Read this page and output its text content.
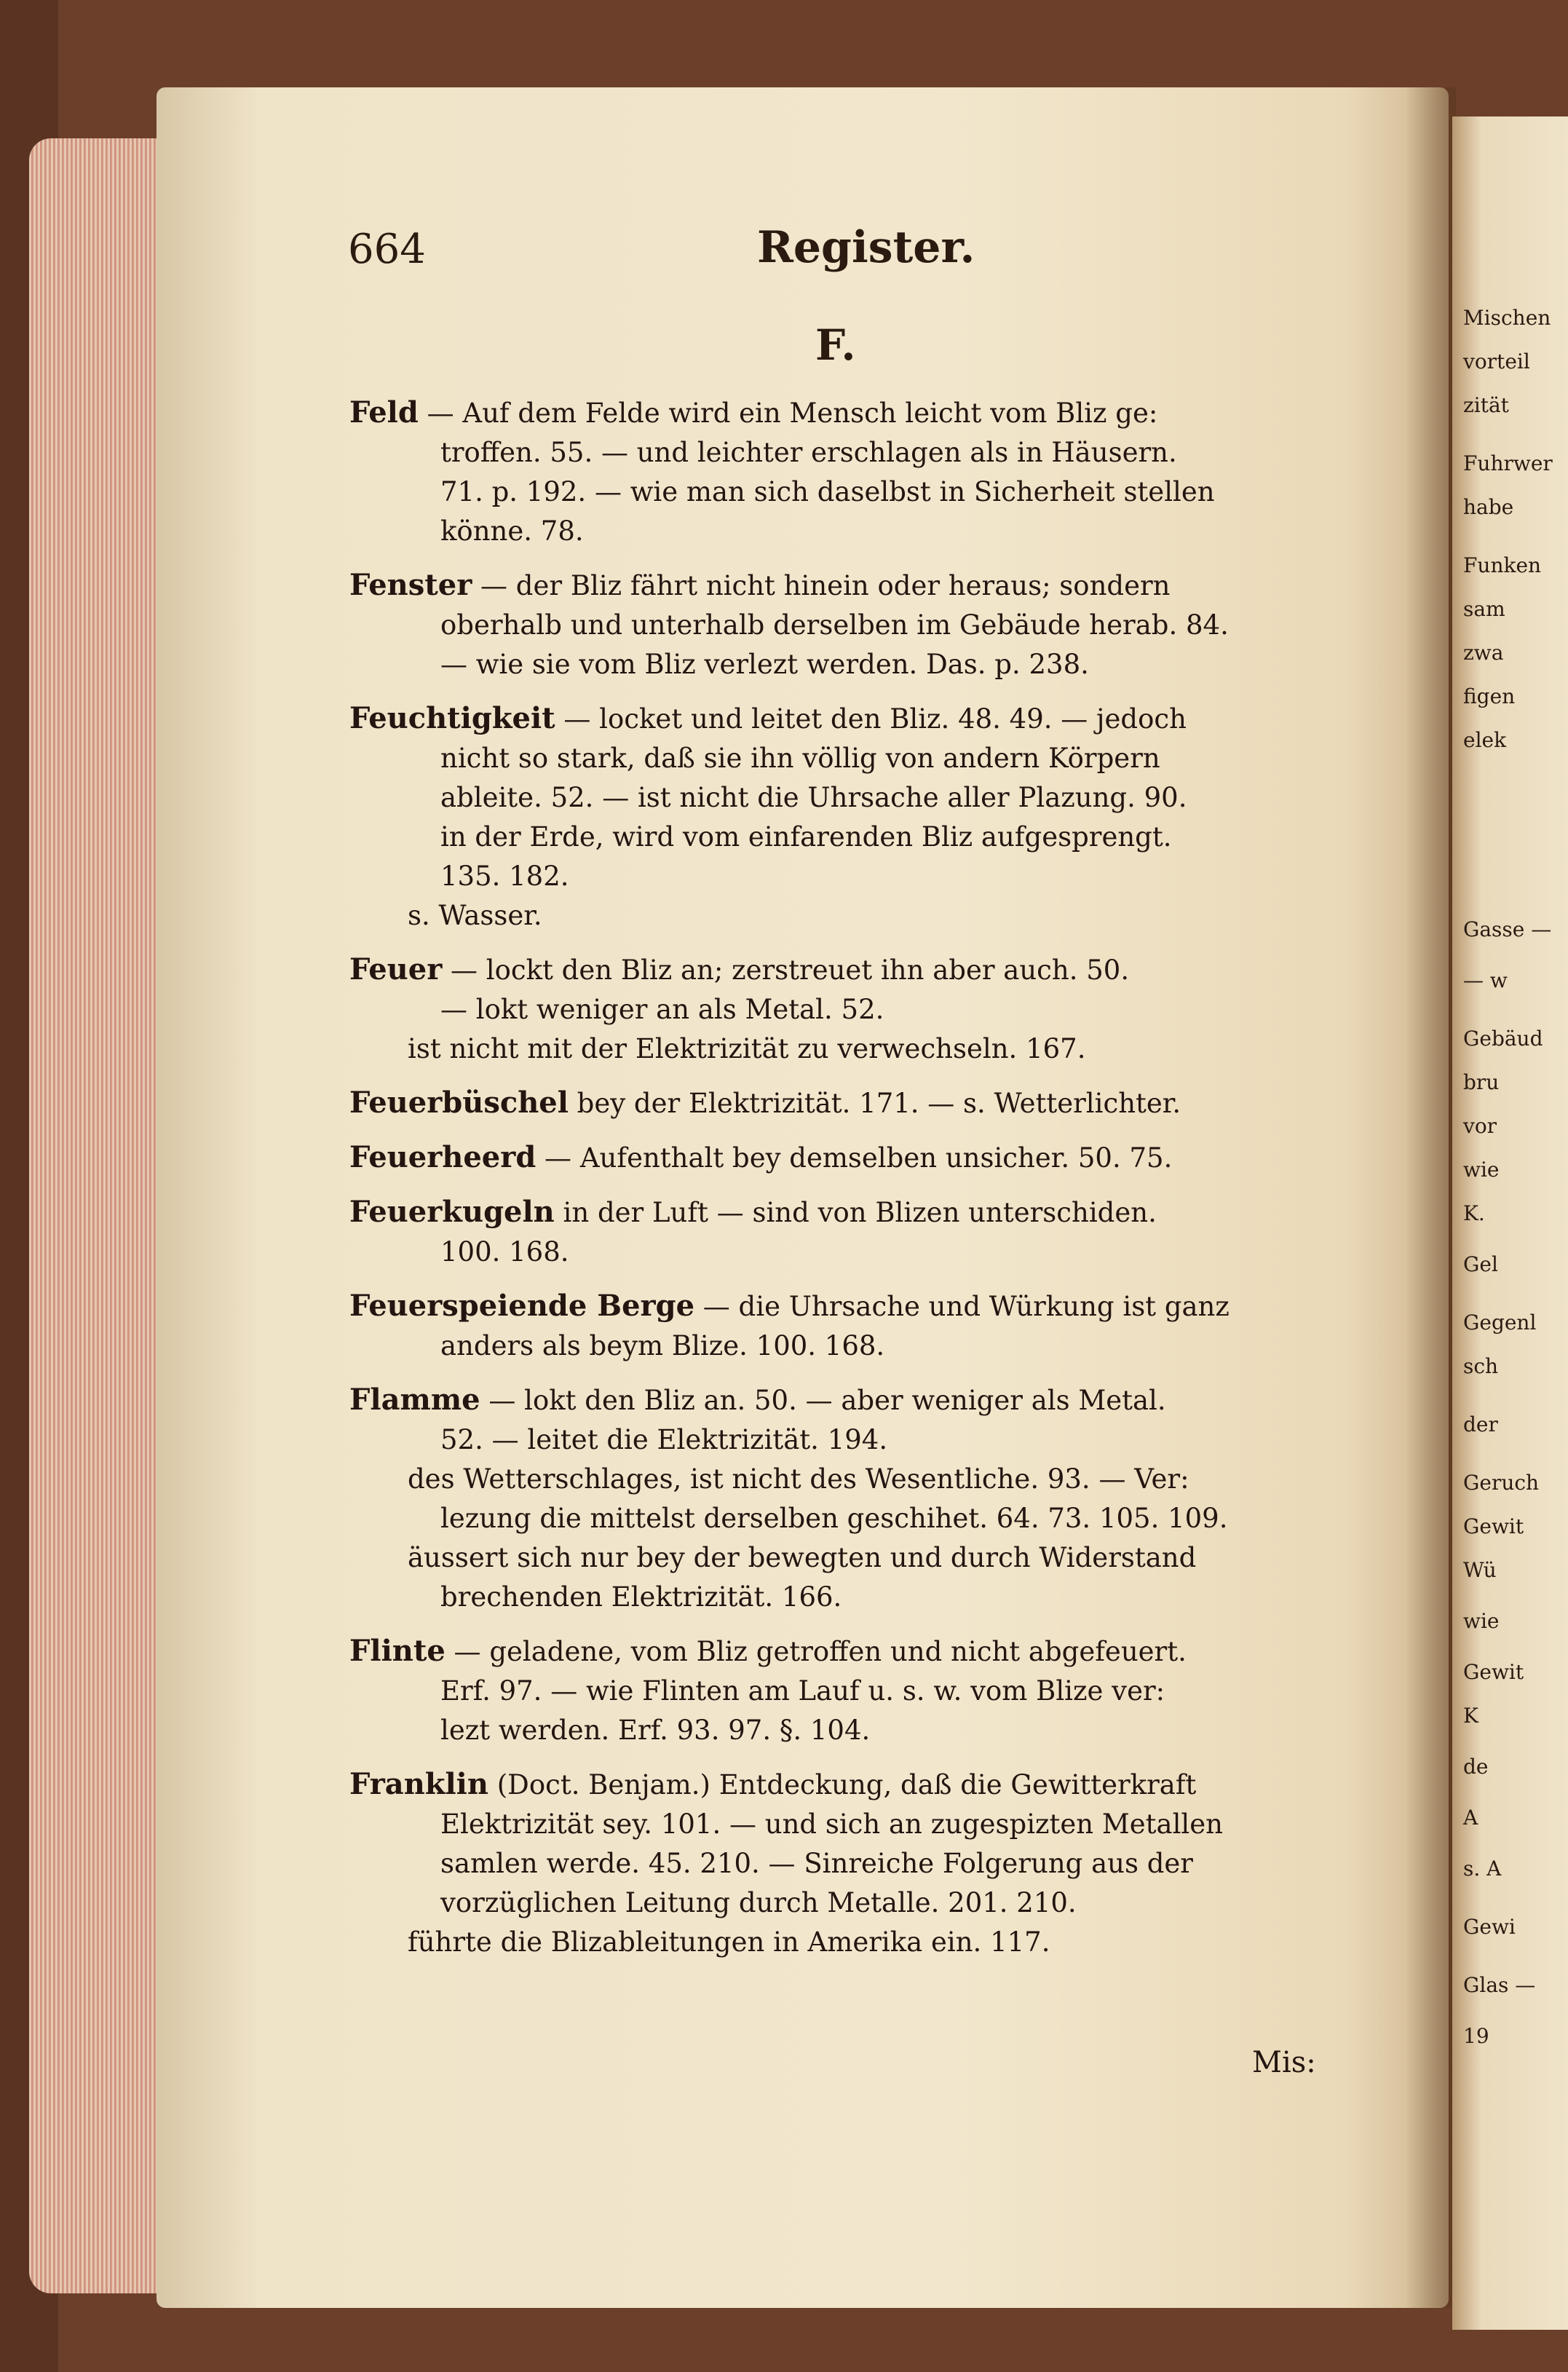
664	Register.
F.
Feld — Auf dem Felde wird ein Mensch leicht vom Bliz ge:
troffen. 55. — und leichter erschlagen als in Häusern.
71. p. 192. — wie man sich daselbst in Sicherheit stellen
könne. 78.
Fenster — der Bliz fährt nicht hinein oder heraus; sondern
oberhalb und unterhalb derselben im Gebäude herab. 84.
— wie sie vom Bliz verlezt werden. Das. p. 238.
Feuchtigkeit — locket und leitet den Bliz. 48. 49. — jedoch
nicht so stark, daß sie ihn völlig von andern Körpern
ableite. 52. — ist nicht die Uhrsache aller Plazung. 90.
in der Erde, wird vom einfarenden Bliz aufgesprengt.
135. 182.
s. Wasser.
Feuer — lockt den Bliz an; zerstreuet ihn aber auch. 50.
— lokt weniger an als Metal. 52.
ist nicht mit der Elektrizität zu verwechseln. 167.
Feuerbüschel bey der Elektrizität. 171. — s. Wetterlichter.
Feuerheerd — Aufenthalt bey demselben unsicher. 50. 75.
Feuerkugeln in der Luft — sind von Blizen unterschiden.
100. 168.
Feuerspeiende Berge — die Uhrsache und Würkung ist ganz
anders als beym Blize. 100. 168.
Flamme — lokt den Bliz an. 50. — aber weniger als Metal.
52. — leitet die Elektrizität. 194.
des Wetterschlages, ist nicht des Wesentliche. 93. — Ver:
lezung die mittelst derselben geschihet. 64. 73. 105. 109.
äussert sich nur bey der bewegten und durch Widerstand
brechenden Elektrizität. 166.
Flinte — geladene, vom Bliz getroffen und nicht abgefeuert.
Erf. 97. — wie Flinten am Lauf u. s. w. vom Blize ver:
lezt werden. Erf. 93. 97. §. 104.
Franklin (Doct. Benjam.) Entdeckung, daß die Gewitterkraft
Elektrizität sey. 101. — und sich an zugespizten Metallen
samlen werde. 45. 210. — Sinreiche Folgerung aus der
vorzüglichen Leitung durch Metalle. 201. 210.
führte die Blizableitungen in Amerika ein. 117.
Mis:
Mischen
vorteil
zität
Fuhrwer
habe
Funken
sam
zwa
figen
elek
Gasse —
— w
Gebäud
bru
vor
wie
K.
Gel
Gegenl
sch
der
Geruch
Gewit
Wü
wie
Gewit
K
de
A
s. A
Gewi
Glas —
19
